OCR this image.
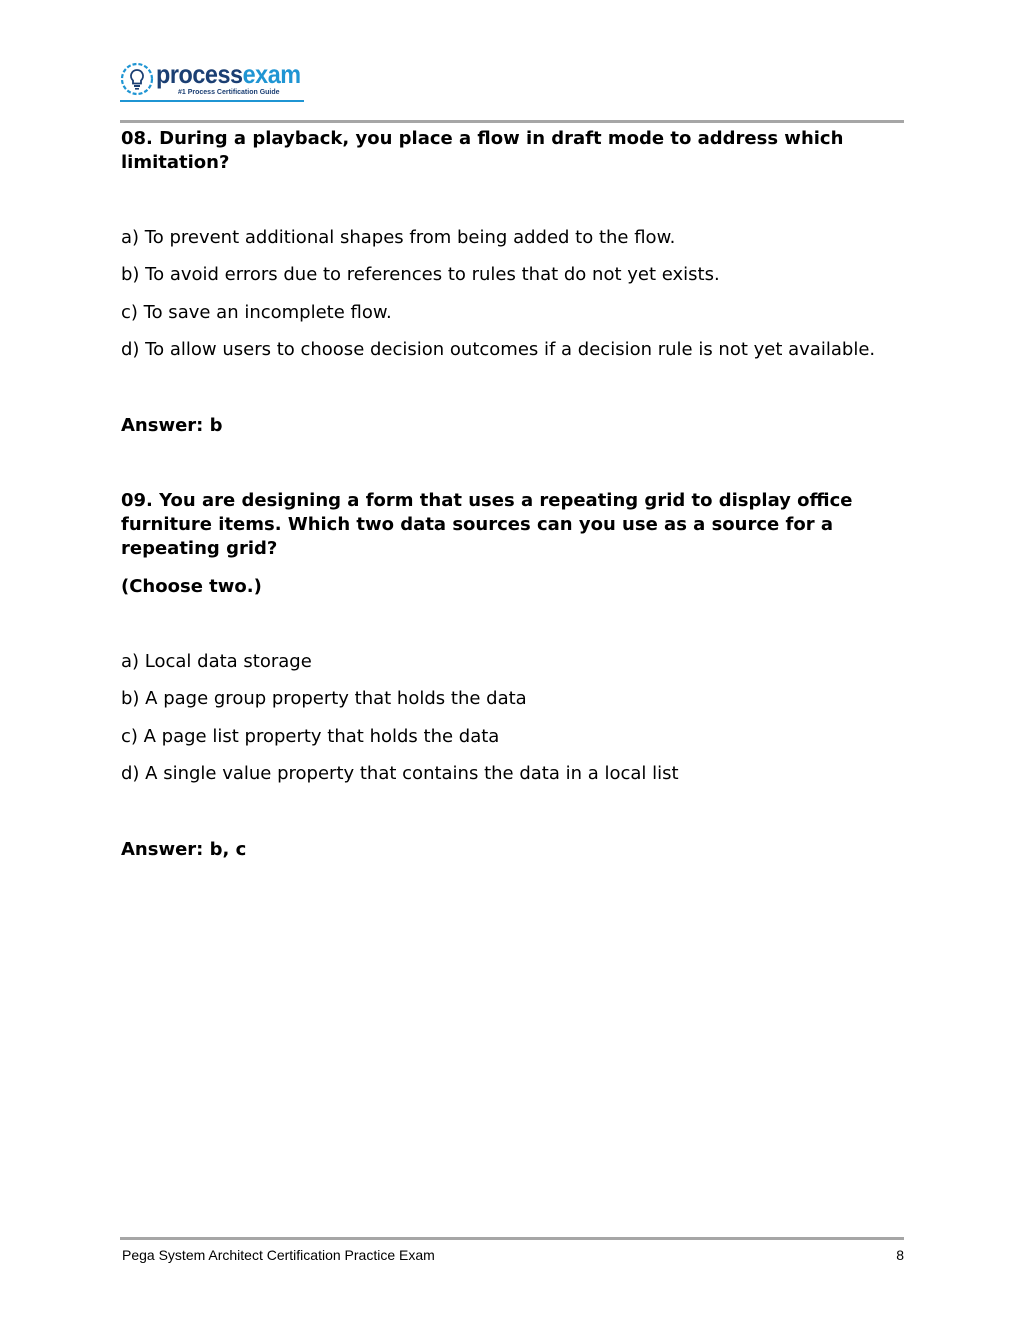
processexam
#1 Process Certification Guide

08. During a playback, you place a flow in draft mode to address which limitation?

a) To prevent additional shapes from being added to the flow.
b) To avoid errors due to references to rules that do not yet exists.
c) To save an incomplete flow.
d) To allow users to choose decision outcomes if a decision rule is not yet available.
Answer: b

09. You are designing a form that uses a repeating grid to display office furniture items. Which two data sources can you use as a source for a repeating grid?

(Choose two.)
a) Local data storage
b) A page group property that holds the data
c) A page list property that holds the data
d) A single value property that contains the data in a local list
Answer: b, c
Pega System Architect Certification Practice Exam	8
